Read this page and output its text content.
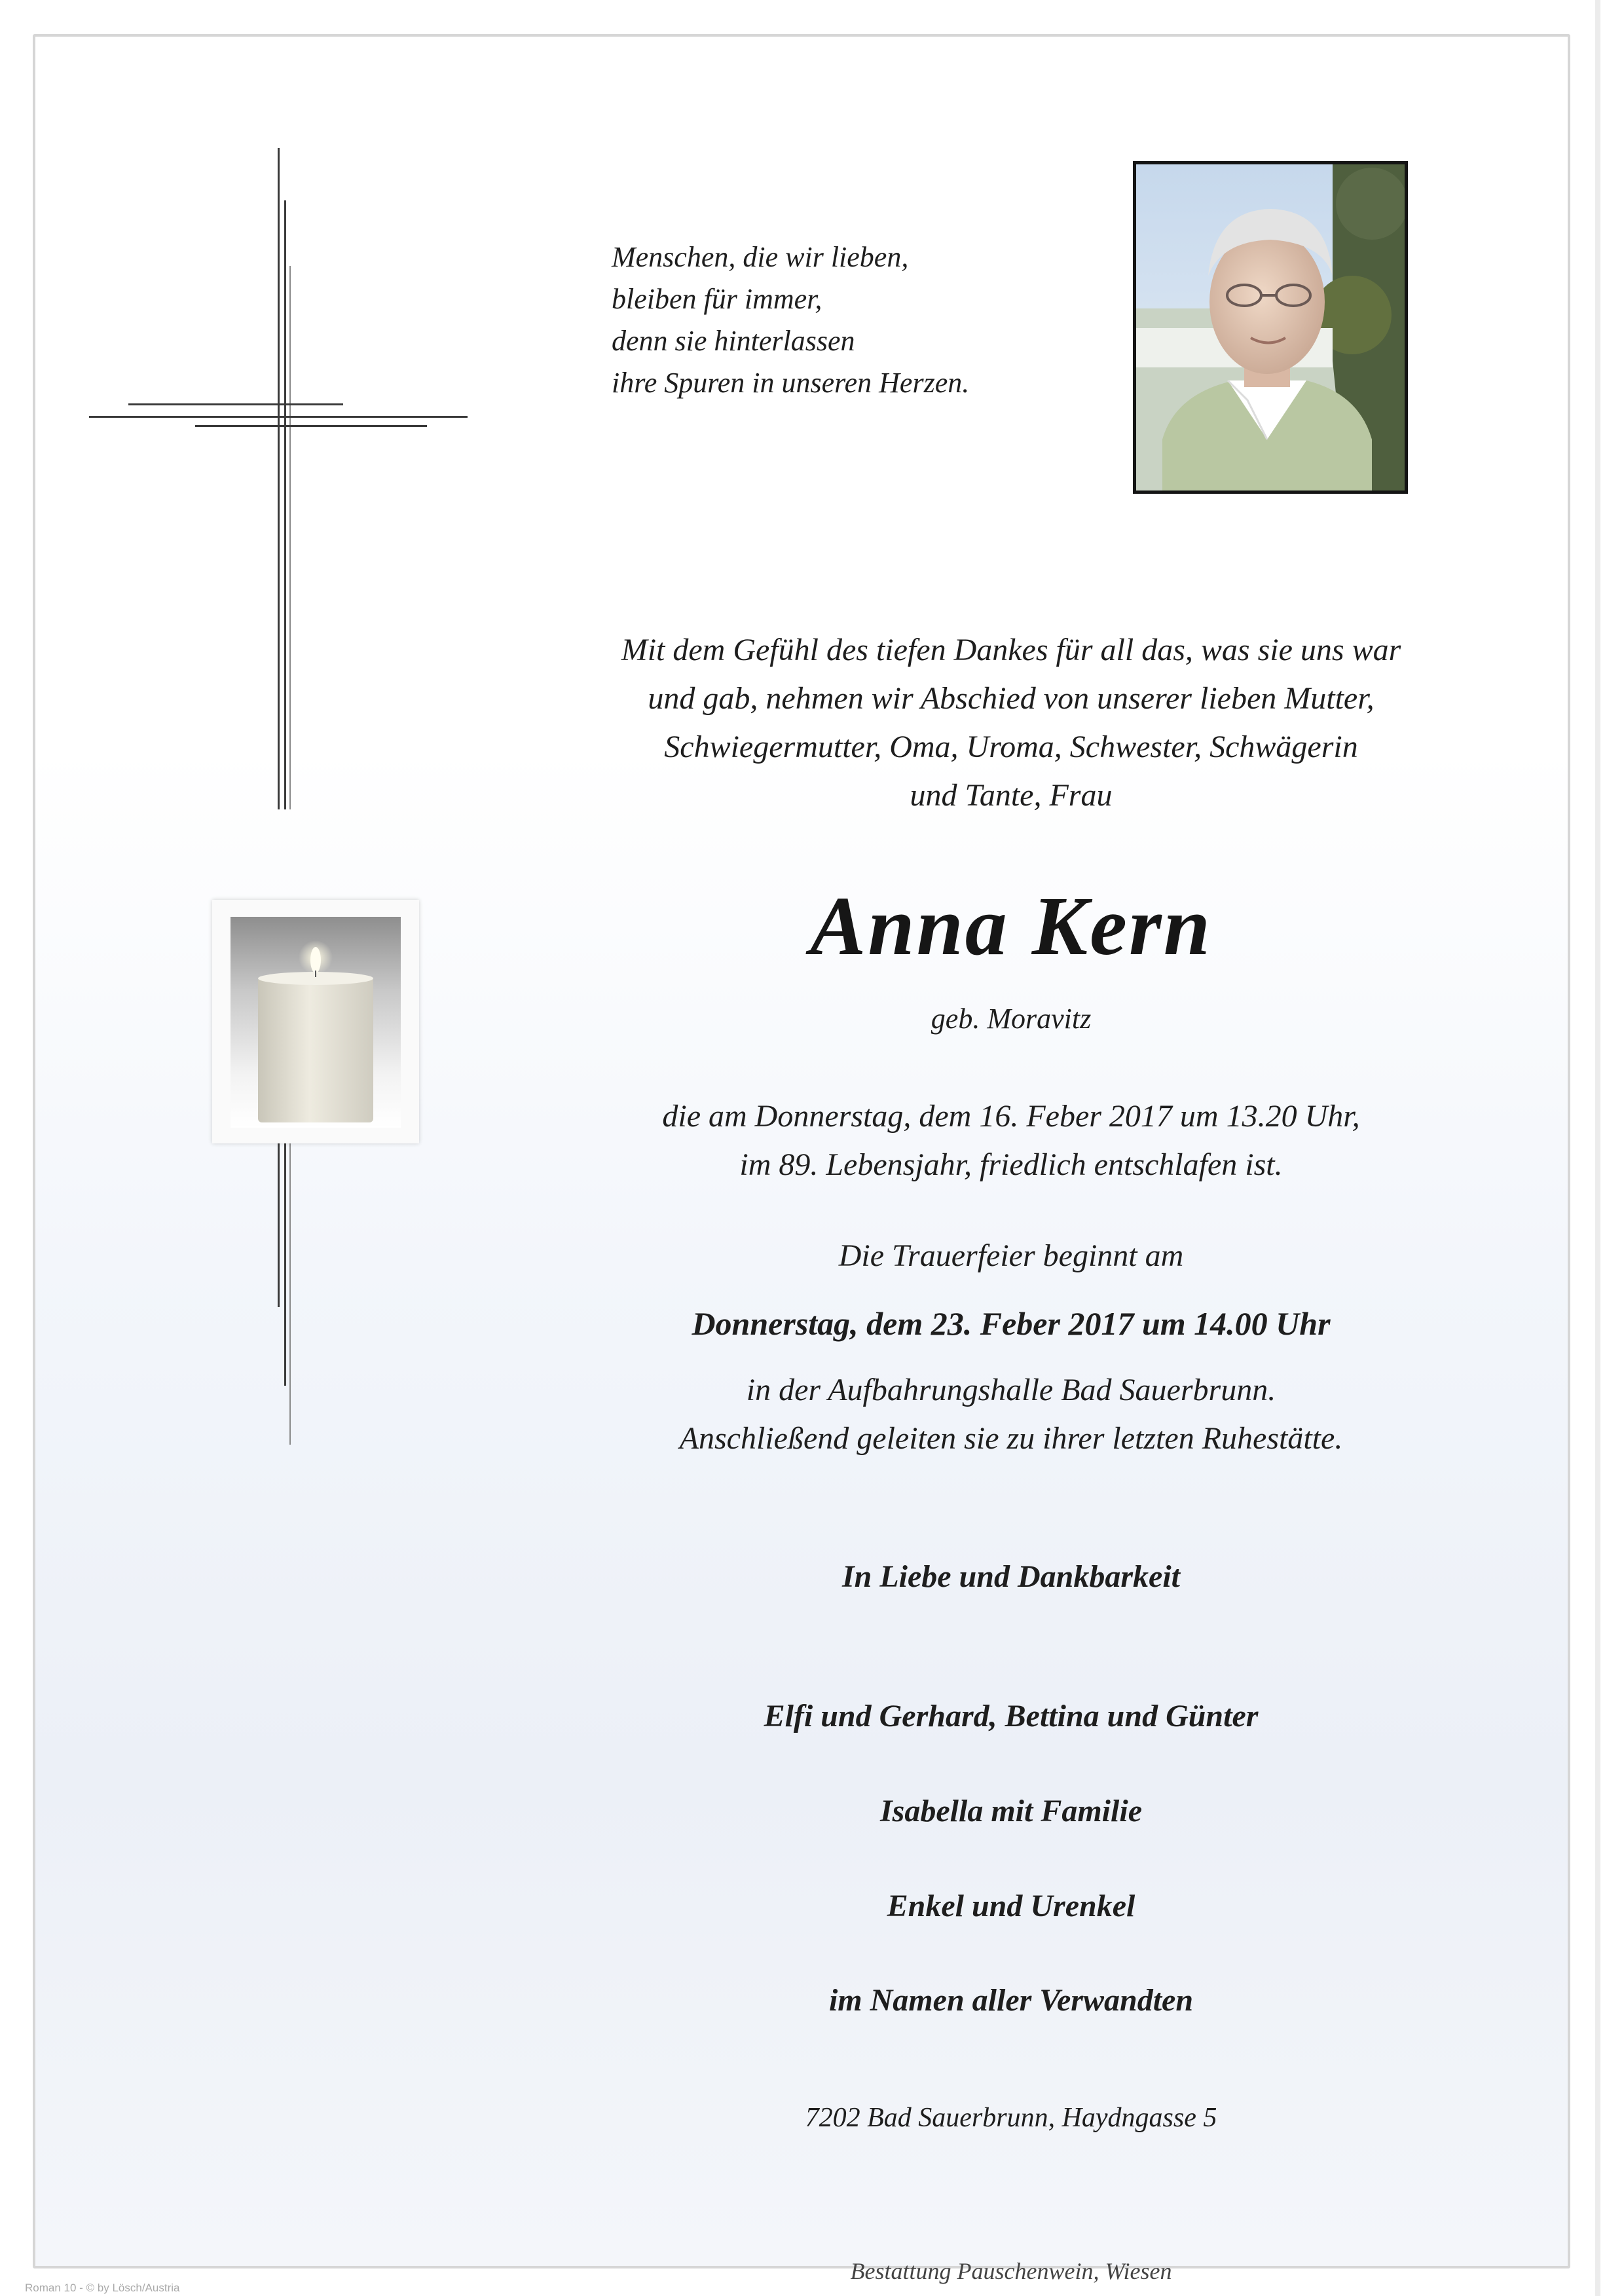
Menschen, die wir lieben,
bleiben für immer,
denn sie hinterlassen
ihre Spuren in unseren Herzen.
Mit dem Gefühl des tiefen Dankes für all das, was sie uns war
und gab, nehmen wir Abschied von unserer lieben Mutter,
Schwiegermutter, Oma, Uroma, Schwester, Schwägerin
und Tante, Frau
Anna Kern
geb. Moravitz
die am Donnerstag, dem 16. Feber 2017 um 13.20 Uhr,
im 89. Lebensjahr, friedlich entschlafen ist.
Die Trauerfeier beginnt am
Donnerstag, dem 23. Feber 2017 um 14.00 Uhr
in der Aufbahrungshalle Bad Sauerbrunn.
Anschließend geleiten sie zu ihrer letzten Ruhestätte.
In Liebe und Dankbarkeit
Elfi und Gerhard, Bettina und Günter
Isabella mit Familie
Enkel und Urenkel
im Namen aller Verwandten
7202 Bad Sauerbrunn, Haydngasse 5
Bestattung Pauschenwein, Wiesen
Roman 10 - © by Lösch/Austria
